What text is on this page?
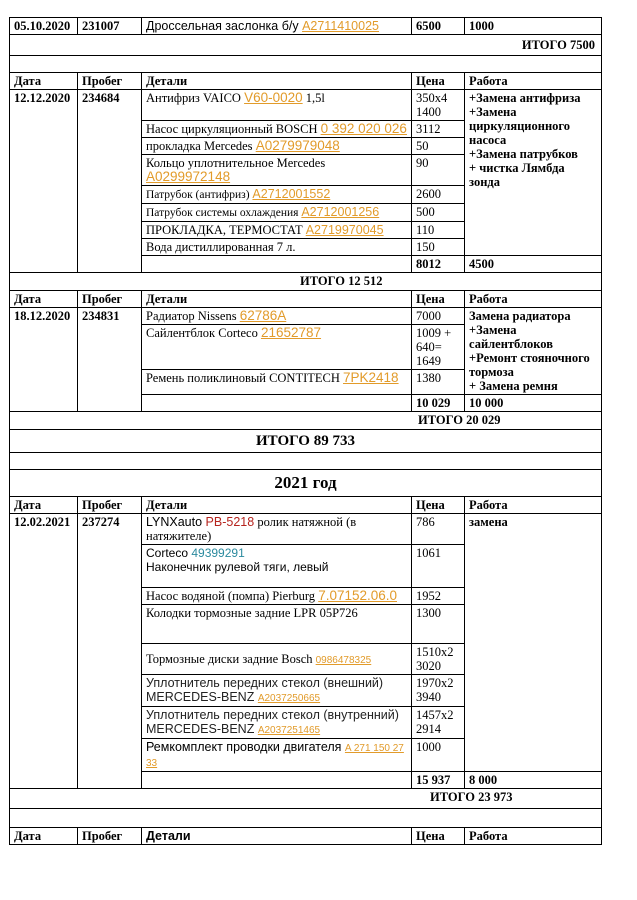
05.10.2020	231007	Дроссельная заслонка б/у A2711410025	6500	1000
ИТОГО 7500				

Дата	Пробег	Детали	Цена	Работа
12.12.2020	234684	Антифриз VAICO V60-0020 1,5l	350x4
1400	+Замена антифриза
+Замена циркуляционного насоса
+Замена патрубков
+ чистка Лямбда зонда
		Насос циркуляционный BOSCH 0 392 020 026	3112	
		прокладка Mercedes A0279979048	50	
		Кольцо уплотнительное Mercedes A0299972148	90	
		Патрубок (антифриз) A2712001552	2600	
		Патрубок системы охлаждения A2712001256	500	
		ПРОКЛАДКА, ТЕРМОСТАТ A2719970045	110	
		Вода дистиллированная 7 л.	150	
			8012	4500
ИТОГО 12 512				
Дата	Пробег	Детали	Цена	Работа
18.12.2020	234831	Радиатор Nissens 62786A	7000	Замена радиатора
+Замена сайлентблоков
+Ремонт стояночного тормоза
+ Замена ремня
		Сайлентблок Corteco 21652787	1009 +
640=
1649	
		Ремень поликлиновый CONTITECH 7PK2418	1380	
			10 029	10 000
ИТОГО 20 029				
ИТОГО 89 733				

2021 год				
Дата	Пробег	Детали	Цена	Работа
12.02.2021	237274	LYNXauto PB-5218 ролик натяжной (в натяжителе)	786	замена
		Corteco 49399291
Наконечник рулевой тяги, левый	1061	
		Насос водяной (помпа) Pierburg 7.07152.06.0	1952	
		Колодки тормозные задние LPR 05P726	1300	
		Тормозные диски задние Bosch 0986478325	1510x2
3020	
		Уплотнитель передних стекол (внешний) MERCEDES-BENZ A2037250665	1970x2
3940	
		Уплотнитель передних стекол (внутренний) MERCEDES-BENZ A2037251465	1457x2
2914	
		Ремкомплект проводки двигателя A 271 150 27 33	1000	
			15 937	8 000
ИТОГО 23 973				

Дата	Пробег	Детали	Цена	Работа
